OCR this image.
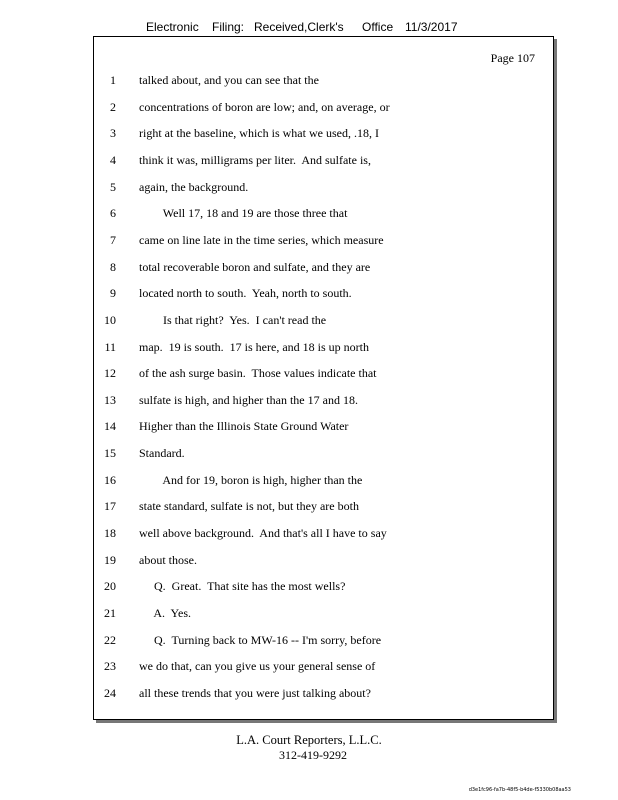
Electronic Filing: Received,Clerk's Office 11/3/2017
Page 107
1 talked about, and you can see that the
2 concentrations of boron are low; and, on average, or
3 right at the baseline, which is what we used, .18, I
4 think it was, milligrams per liter.  And sulfate is,
5 again, the background.
6 Well 17, 18 and 19 are those three that
7 came on line late in the time series, which measure
8 total recoverable boron and sulfate, and they are
9 located north to south.  Yeah, north to south.
10 Is that right?  Yes.  I can't read the
11 map.  19 is south.  17 is here, and 18 is up north
12 of the ash surge basin.  Those values indicate that
13 sulfate is high, and higher than the 17 and 18.
14 Higher than the Illinois State Ground Water
15 Standard.
16 And for 19, boron is high, higher than the
17 state standard, sulfate is not, but they are both
18 well above background.  And that's all I have to say
19 about those.
20 Q.  Great.  That site has the most wells?
21 A.  Yes.
22 Q.  Turning back to MW-16 -- I'm sorry, before
23 we do that, can you give us your general sense of
24 all these trends that you were just talking about?
L.A. Court Reporters, L.L.C.
312-419-9292
d3e1fc96-fa7b-48f5-b4de-f5330b08aa53
